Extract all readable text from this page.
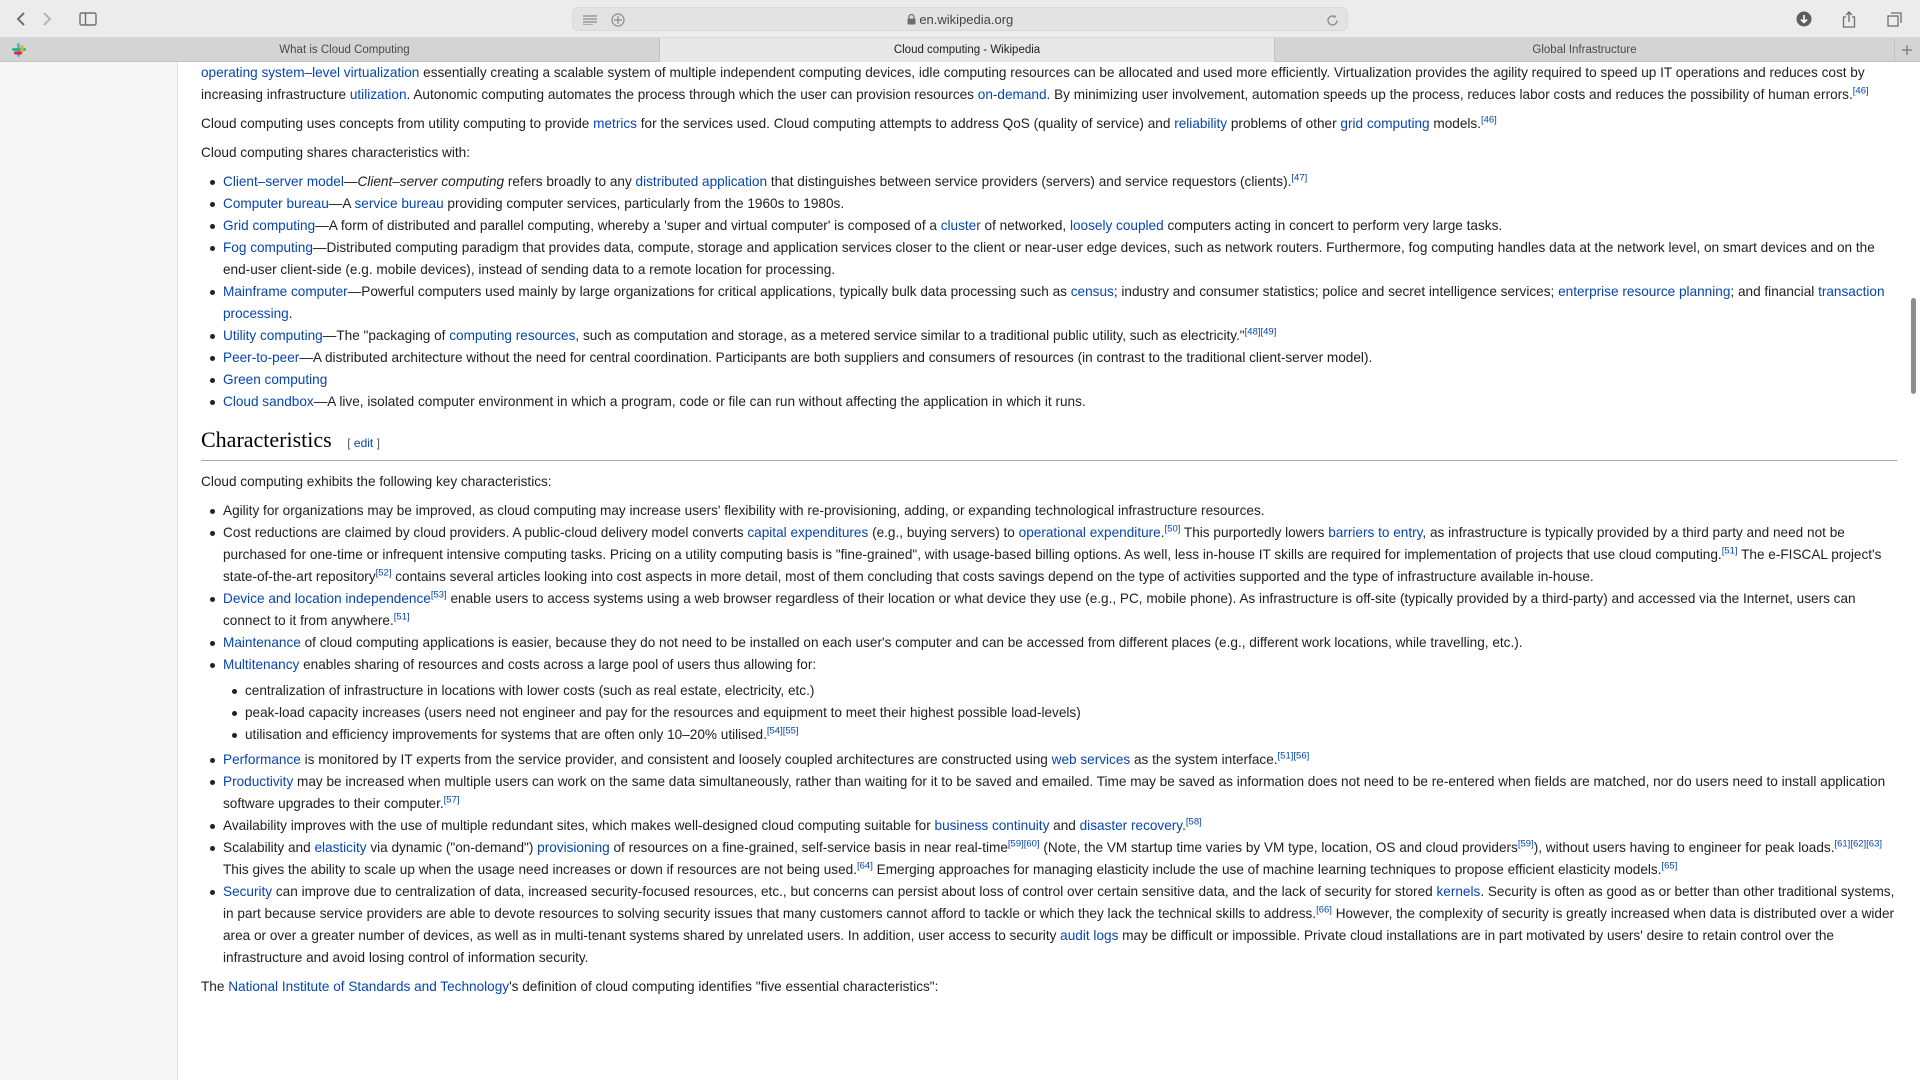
en.wikipedia.org
What is Cloud Computing	Cloud computing - Wikipedia	Global Infrastructure

operating system–level virtualization essentially creating a scalable system of multiple independent computing devices, idle computing resources can be allocated and used more efficiently. Virtualization provides the agility required to speed up IT operations and reduces cost by increasing infrastructure utilization. Autonomic computing automates the process through which the user can provision resources on-demand. By minimizing user involvement, automation speeds up the process, reduces labor costs and reduces the possibility of human errors.[46]

Cloud computing uses concepts from utility computing to provide metrics for the services used. Cloud computing attempts to address QoS (quality of service) and reliability problems of other grid computing models.[46]

Cloud computing shares characteristics with:

Client–server model—Client–server computing refers broadly to any distributed application that distinguishes between service providers (servers) and service requestors (clients).[47]
Computer bureau—A service bureau providing computer services, particularly from the 1960s to 1980s.
Grid computing—A form of distributed and parallel computing, whereby a 'super and virtual computer' is composed of a cluster of networked, loosely coupled computers acting in concert to perform very large tasks.
Fog computing—Distributed computing paradigm that provides data, compute, storage and application services closer to the client or near-user edge devices, such as network routers. Furthermore, fog computing handles data at the network level, on smart devices and on the end-user client-side (e.g. mobile devices), instead of sending data to a remote location for processing.
Mainframe computer—Powerful computers used mainly by large organizations for critical applications, typically bulk data processing such as census; industry and consumer statistics; police and secret intelligence services; enterprise resource planning; and financial transaction processing.
Utility computing—The "packaging of computing resources, such as computation and storage, as a metered service similar to a traditional public utility, such as electricity."[48][49]
Peer-to-peer—A distributed architecture without the need for central coordination. Participants are both suppliers and consumers of resources (in contrast to the traditional client-server model).
Green computing
Cloud sandbox—A live, isolated computer environment in which a program, code or file can run without affecting the application in which it runs.
Characteristics [ edit ]

Cloud computing exhibits the following key characteristics:

Agility for organizations may be improved, as cloud computing may increase users' flexibility with re-provisioning, adding, or expanding technological infrastructure resources.
Cost reductions are claimed by cloud providers. A public-cloud delivery model converts capital expenditures (e.g., buying servers) to operational expenditure.[50] This purportedly lowers barriers to entry, as infrastructure is typically provided by a third party and need not be purchased for one-time or infrequent intensive computing tasks. Pricing on a utility computing basis is "fine-grained", with usage-based billing options. As well, less in-house IT skills are required for implementation of projects that use cloud computing.[51] The e-FISCAL project's state-of-the-art repository[52] contains several articles looking into cost aspects in more detail, most of them concluding that costs savings depend on the type of activities supported and the type of infrastructure available in-house.
Device and location independence[53] enable users to access systems using a web browser regardless of their location or what device they use (e.g., PC, mobile phone). As infrastructure is off-site (typically provided by a third-party) and accessed via the Internet, users can connect to it from anywhere.[51]
Maintenance of cloud computing applications is easier, because they do not need to be installed on each user's computer and can be accessed from different places (e.g., different work locations, while travelling, etc.).
Multitenancy enables sharing of resources and costs across a large pool of users thus allowing for:
centralization of infrastructure in locations with lower costs (such as real estate, electricity, etc.)
peak-load capacity increases (users need not engineer and pay for the resources and equipment to meet their highest possible load-levels)
utilisation and efficiency improvements for systems that are often only 10–20% utilised.[54][55]
Performance is monitored by IT experts from the service provider, and consistent and loosely coupled architectures are constructed using web services as the system interface.[51][56]
Productivity may be increased when multiple users can work on the same data simultaneously, rather than waiting for it to be saved and emailed. Time may be saved as information does not need to be re-entered when fields are matched, nor do users need to install application software upgrades to their computer.[57]
Availability improves with the use of multiple redundant sites, which makes well-designed cloud computing suitable for business continuity and disaster recovery.[58]
Scalability and elasticity via dynamic ("on-demand") provisioning of resources on a fine-grained, self-service basis in near real-time[59][60] (Note, the VM startup time varies by VM type, location, OS and cloud providers[59]), without users having to engineer for peak loads.[61][62][63] This gives the ability to scale up when the usage need increases or down if resources are not being used.[64] Emerging approaches for managing elasticity include the use of machine learning techniques to propose efficient elasticity models.[65]
Security can improve due to centralization of data, increased security-focused resources, etc., but concerns can persist about loss of control over certain sensitive data, and the lack of security for stored kernels. Security is often as good as or better than other traditional systems, in part because service providers are able to devote resources to solving security issues that many customers cannot afford to tackle or which they lack the technical skills to address.[66] However, the complexity of security is greatly increased when data is distributed over a wider area or over a greater number of devices, as well as in multi-tenant systems shared by unrelated users. In addition, user access to security audit logs may be difficult or impossible. Private cloud installations are in part motivated by users' desire to retain control over the infrastructure and avoid losing control of information security.

The National Institute of Standards and Technology's definition of cloud computing identifies "five essential characteristics":
